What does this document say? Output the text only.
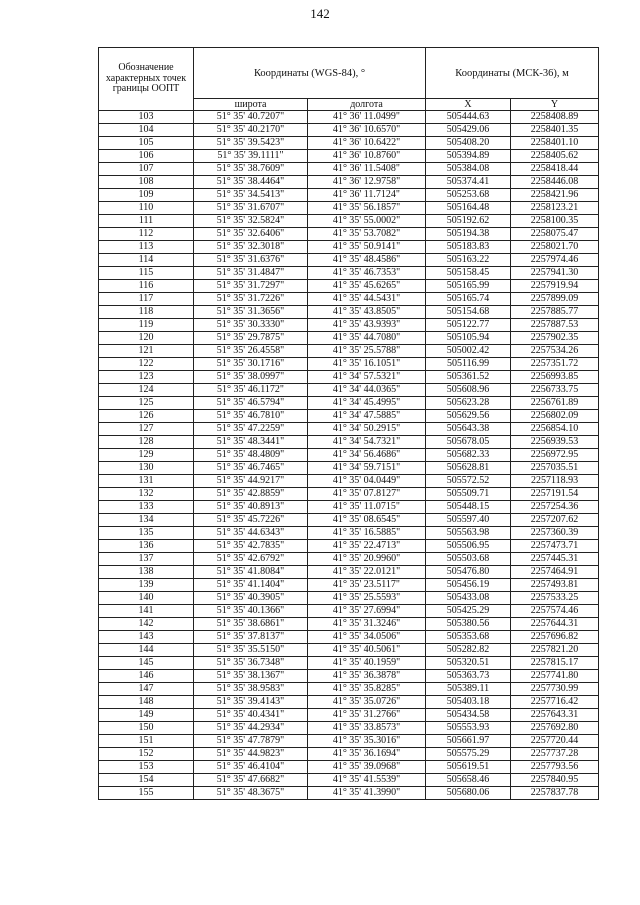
142
Обозначение характерных точек границы ООПТ	Координаты (WGS-84), °		Координаты (МСК-36), м	
	широта	долгота	X	Y
103	51° 35' 40.7207"	41° 36' 11.0499"	505444.63	2258408.89
104	51° 35' 40.2170"	41° 36' 10.6570"	505429.06	2258401.35
105	51° 35' 39.5423"	41° 36' 10.6422"	505408.20	2258401.10
106	51° 35' 39.1111"	41° 36' 10.8760"	505394.89	2258405.62
107	51° 35' 38.7609"	41° 36' 11.5408"	505384.08	2258418.44
108	51° 35' 38.4464"	41° 36' 12.9758"	505374.41	2258446.08
109	51° 35' 34.5413"	41° 36' 11.7124"	505253.68	2258421.96
110	51° 35' 31.6707"	41° 35' 56.1857"	505164.48	2258123.21
111	51° 35' 32.5824"	41° 35' 55.0002"	505192.62	2258100.35
112	51° 35' 32.6406"	41° 35' 53.7082"	505194.38	2258075.47
113	51° 35' 32.3018"	41° 35' 50.9141"	505183.83	2258021.70
114	51° 35' 31.6376"	41° 35' 48.4586"	505163.22	2257974.46
115	51° 35' 31.4847"	41° 35' 46.7353"	505158.45	2257941.30
116	51° 35' 31.7297"	41° 35' 45.6265"	505165.99	2257919.94
117	51° 35' 31.7226"	41° 35' 44.5431"	505165.74	2257899.09
118	51° 35' 31.3656"	41° 35' 43.8505"	505154.68	2257885.77
119	51° 35' 30.3330"	41° 35' 43.9393"	505122.77	2257887.53
120	51° 35' 29.7875"	41° 35' 44.7080"	505105.94	2257902.35
121	51° 35' 26.4558"	41° 35' 25.5788"	505002.42	2257534.26
122	51° 35' 30.1716"	41° 35' 16.1051"	505116.99	2257351.72
123	51° 35' 38.0997"	41° 34' 57.5321"	505361.52	2256993.85
124	51° 35' 46.1172"	41° 34' 44.0365"	505608.96	2256733.75
125	51° 35' 46.5794"	41° 34' 45.4995"	505623.28	2256761.89
126	51° 35' 46.7810"	41° 34' 47.5885"	505629.56	2256802.09
127	51° 35' 47.2259"	41° 34' 50.2915"	505643.38	2256854.10
128	51° 35' 48.3441"	41° 34' 54.7321"	505678.05	2256939.53
129	51° 35' 48.4809"	41° 34' 56.4686"	505682.33	2256972.95
130	51° 35' 46.7465"	41° 34' 59.7151"	505628.81	2257035.51
131	51° 35' 44.9217"	41° 35' 04.0449"	505572.52	2257118.93
132	51° 35' 42.8859"	41° 35' 07.8127"	505509.71	2257191.54
133	51° 35' 40.8913"	41° 35' 11.0715"	505448.15	2257254.36
134	51° 35' 45.7226"	41° 35' 08.6545"	505597.40	2257207.62
135	51° 35' 44.6343"	41° 35' 16.5885"	505563.98	2257360.39
136	51° 35' 42.7835"	41° 35' 22.4713"	505506.95	2257473.71
137	51° 35' 42.6792"	41° 35' 20.9960"	505503.68	2257445.31
138	51° 35' 41.8084"	41° 35' 22.0121"	505476.80	2257464.91
139	51° 35' 41.1404"	41° 35' 23.5117"	505456.19	2257493.81
140	51° 35' 40.3905"	41° 35' 25.5593"	505433.08	2257533.25
141	51° 35' 40.1366"	41° 35' 27.6994"	505425.29	2257574.46
142	51° 35' 38.6861"	41° 35' 31.3246"	505380.56	2257644.31
143	51° 35' 37.8137"	41° 35' 34.0506"	505353.68	2257696.82
144	51° 35' 35.5150"	41° 35' 40.5061"	505282.82	2257821.20
145	51° 35' 36.7348"	41° 35' 40.1959"	505320.51	2257815.17
146	51° 35' 38.1367"	41° 35' 36.3878"	505363.73	2257741.80
147	51° 35' 38.9583"	41° 35' 35.8285"	505389.11	2257730.99
148	51° 35' 39.4143"	41° 35' 35.0726"	505403.18	2257716.42
149	51° 35' 40.4341"	41° 35' 31.2766"	505434.58	2257643.31
150	51° 35' 44.2934"	41° 35' 33.8573"	505553.93	2257692.80
151	51° 35' 47.7879"	41° 35' 35.3016"	505661.97	2257720.44
152	51° 35' 44.9823"	41° 35' 36.1694"	505575.29	2257737.28
153	51° 35' 46.4104"	41° 35' 39.0968"	505619.51	2257793.56
154	51° 35' 47.6682"	41° 35' 41.5539"	505658.46	2257840.95
155	51° 35' 48.3675"	41° 35' 41.3990"	505680.06	2257837.78
